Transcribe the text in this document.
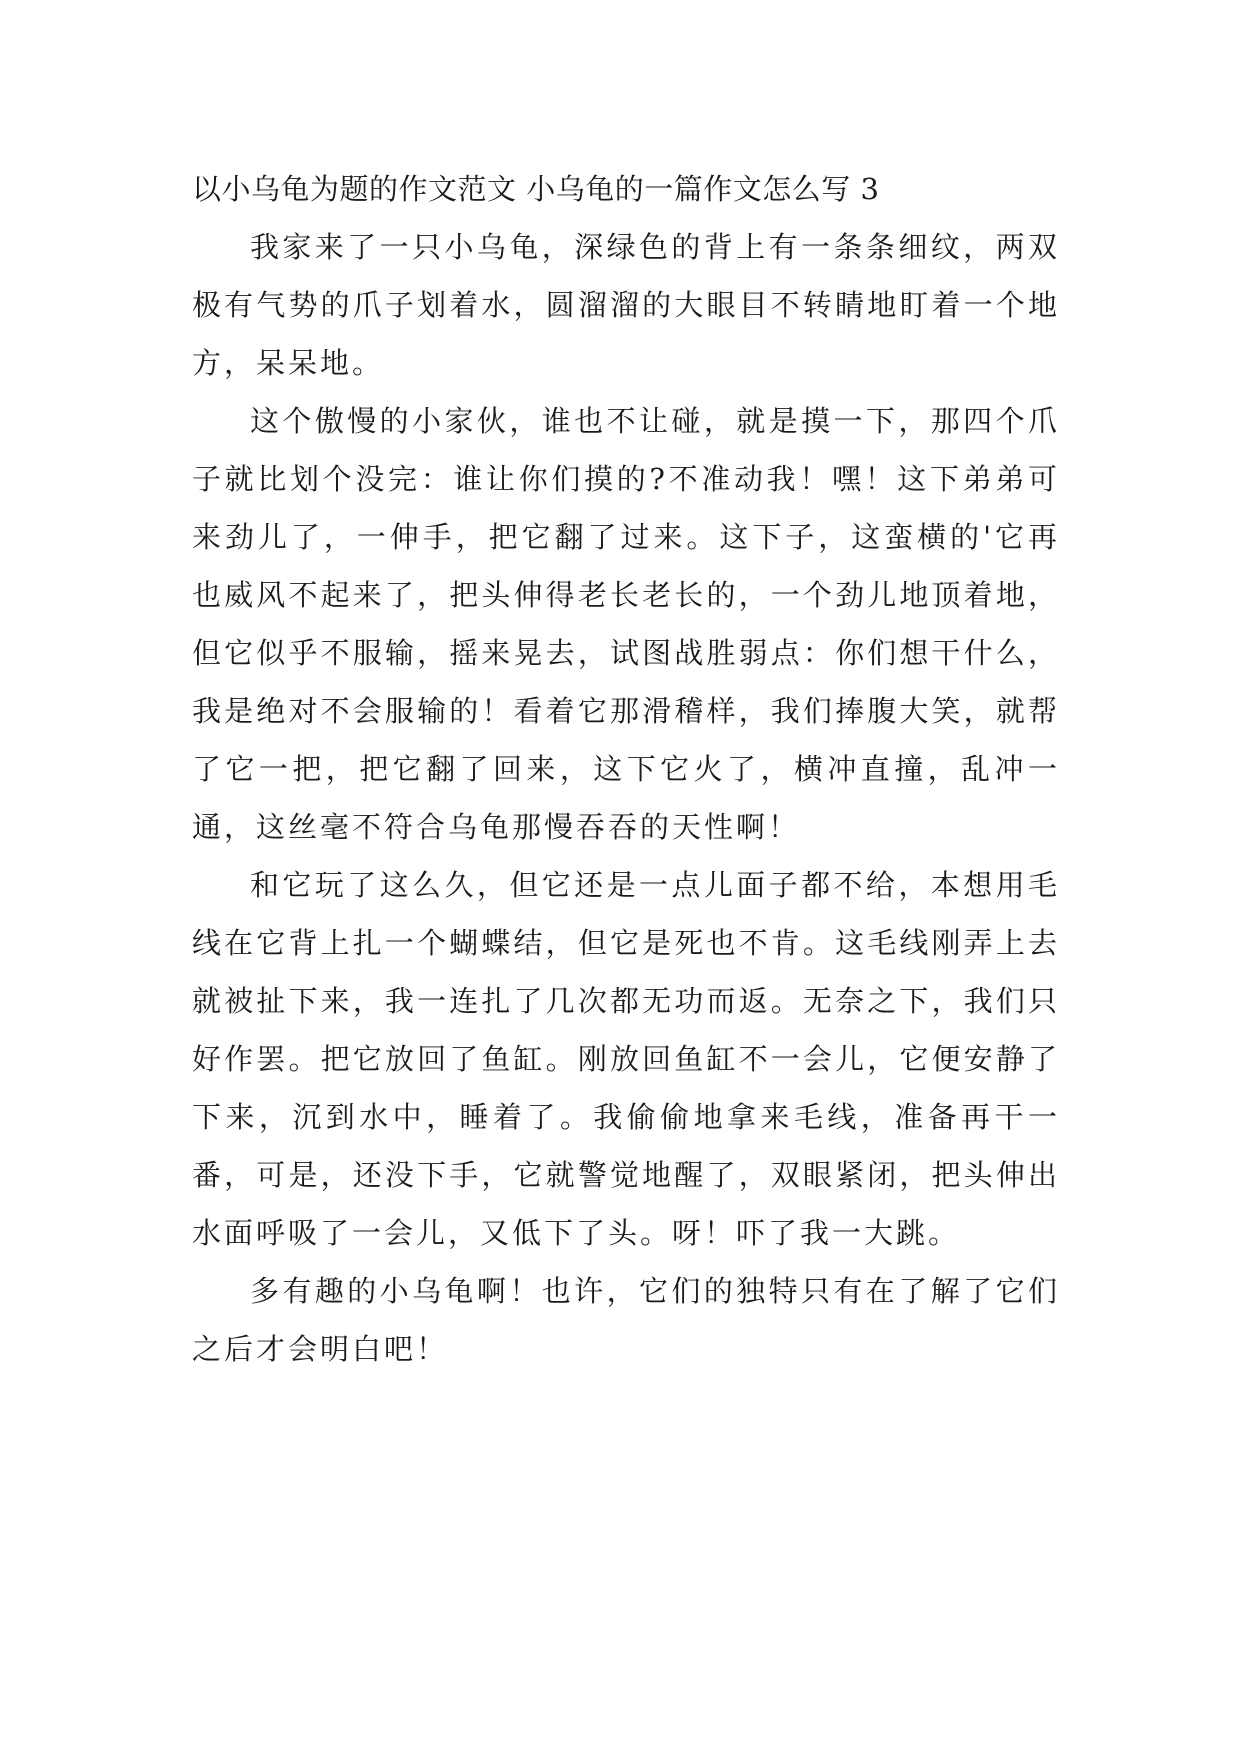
以小乌龟为题的作文范文 小乌龟的一篇作文怎么写 3

我家来了一只小乌龟，深绿色的背上有一条条细纹，两双极有气势的爪子划着水，圆溜溜的大眼目不转睛地盯着一个地方，呆呆地。

这个傲慢的小家伙，谁也不让碰，就是摸一下，那四个爪子就比划个没完：谁让你们摸的?不准动我！嘿！这下弟弟可来劲儿了，一伸手，把它翻了过来。这下子，这蛮横的'它再也威风不起来了，把头伸得老长老长的，一个劲儿地顶着地，但它似乎不服输，摇来晃去，试图战胜弱点：你们想干什么，我是绝对不会服输的！看着它那滑稽样，我们捧腹大笑，就帮了它一把，把它翻了回来，这下它火了，横冲直撞，乱冲一通，这丝毫不符合乌龟那慢吞吞的天性啊！

和它玩了这么久，但它还是一点儿面子都不给，本想用毛线在它背上扎一个蝴蝶结，但它是死也不肯。这毛线刚弄上去就被扯下来，我一连扎了几次都无功而返。无奈之下，我们只好作罢。把它放回了鱼缸。刚放回鱼缸不一会儿，它便安静了下来，沉到水中，睡着了。我偷偷地拿来毛线，准备再干一番，可是，还没下手，它就警觉地醒了，双眼紧闭，把头伸出水面呼吸了一会儿，又低下了头。呀！吓了我一大跳。

多有趣的小乌龟啊！也许，它们的独特只有在了解了它们之后才会明白吧！
